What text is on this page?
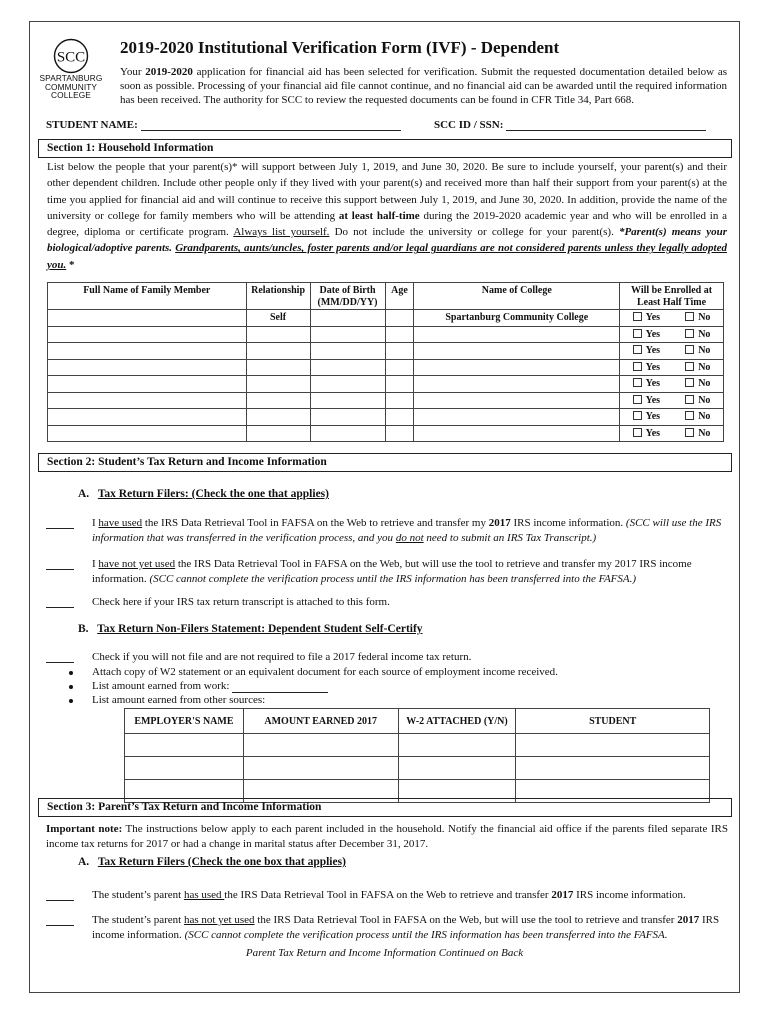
SCC
SPARTANBURG
COMMUNITY
COLLEGE
2019-2020 Institutional Verification Form (IVF) - Dependent
Your 2019-2020 application for financial aid has been selected for verification. Submit the requested documentation detailed below as soon as possible. Processing of your financial aid file cannot continue, and no financial aid can be awarded until the required information has been received. The authority for SCC to review the requested documents can be found in CFR Title 34, Part 668.
STUDENT NAME:	SCC ID / SSN:
Section 1: Household Information
List below the people that your parent(s)* will support between July 1, 2019, and June 30, 2020. Be sure to include yourself, your parent(s) and their other dependent children. Include other people only if they lived with your parent(s) and received more than half their support from your parent(s) at the time you applied for financial aid and will continue to receive this support between July 1, 2019, and June 30, 2020. In addition, provide the name of the university or college for family members who will be attending at least half-time during the 2019-2020 academic year and who will be enrolled in a degree, diploma or certificate program. Always list yourself. Do not include the university or college for your parent(s). *Parent(s) means your biological/adoptive parents. Grandparents, aunts/uncles, foster parents and/or legal guardians are not considered parents unless they legally adopted you. *
Full Name of Family Member	Relationship	Date of Birth (MM/DD/YY)	Age	Name of College	Will be Enrolled at Least Half Time
	Self			Spartanburg Community College	Yes No

					Yes No

					Yes No

					Yes No

					Yes No

					Yes No

					Yes No

					Yes No
Section 2: Student’s Tax Return and Income Information
A. Tax Return Filers: (Check the one that applies)
I have used the IRS Data Retrieval Tool in FAFSA on the Web to retrieve and transfer my 2017 IRS income information. (SCC will use the IRS information that was transferred in the verification process, and you do not need to submit an IRS Tax Transcript.)
I have not yet used the IRS Data Retrieval Tool in FAFSA on the Web, but will use the tool to retrieve and transfer my 2017 IRS income information. (SCC cannot complete the verification process until the IRS information has been transferred into the FAFSA.)
Check here if your IRS tax return transcript is attached to this form.
B. Tax Return Non-Filers Statement: Dependent Student Self-Certify
Check if you will not file and are not required to file a 2017 federal income tax return.
Attach copy of W2 statement or an equivalent document for each source of employment income received.
List amount earned from work:
List amount earned from other sources:
EMPLOYER'S NAME	AMOUNT EARNED 2017	W-2 ATTACHED (Y/N)	STUDENT

Section 3: Parent’s Tax Return and Income Information
Important note: The instructions below apply to each parent included in the household. Notify the financial aid office if the parents filed separate IRS income tax returns for 2017 or had a change in marital status after December 31, 2017.
A. Tax Return Filers (Check the one box that applies)
The student’s parent has used the IRS Data Retrieval Tool in FAFSA on the Web to retrieve and transfer 2017 IRS income information.
The student’s parent has not yet used the IRS Data Retrieval Tool in FAFSA on the Web, but will use the tool to retrieve and transfer 2017 IRS income information. (SCC cannot complete the verification process until the IRS information has been transferred into the FAFSA.
Parent Tax Return and Income Information Continued on Back
